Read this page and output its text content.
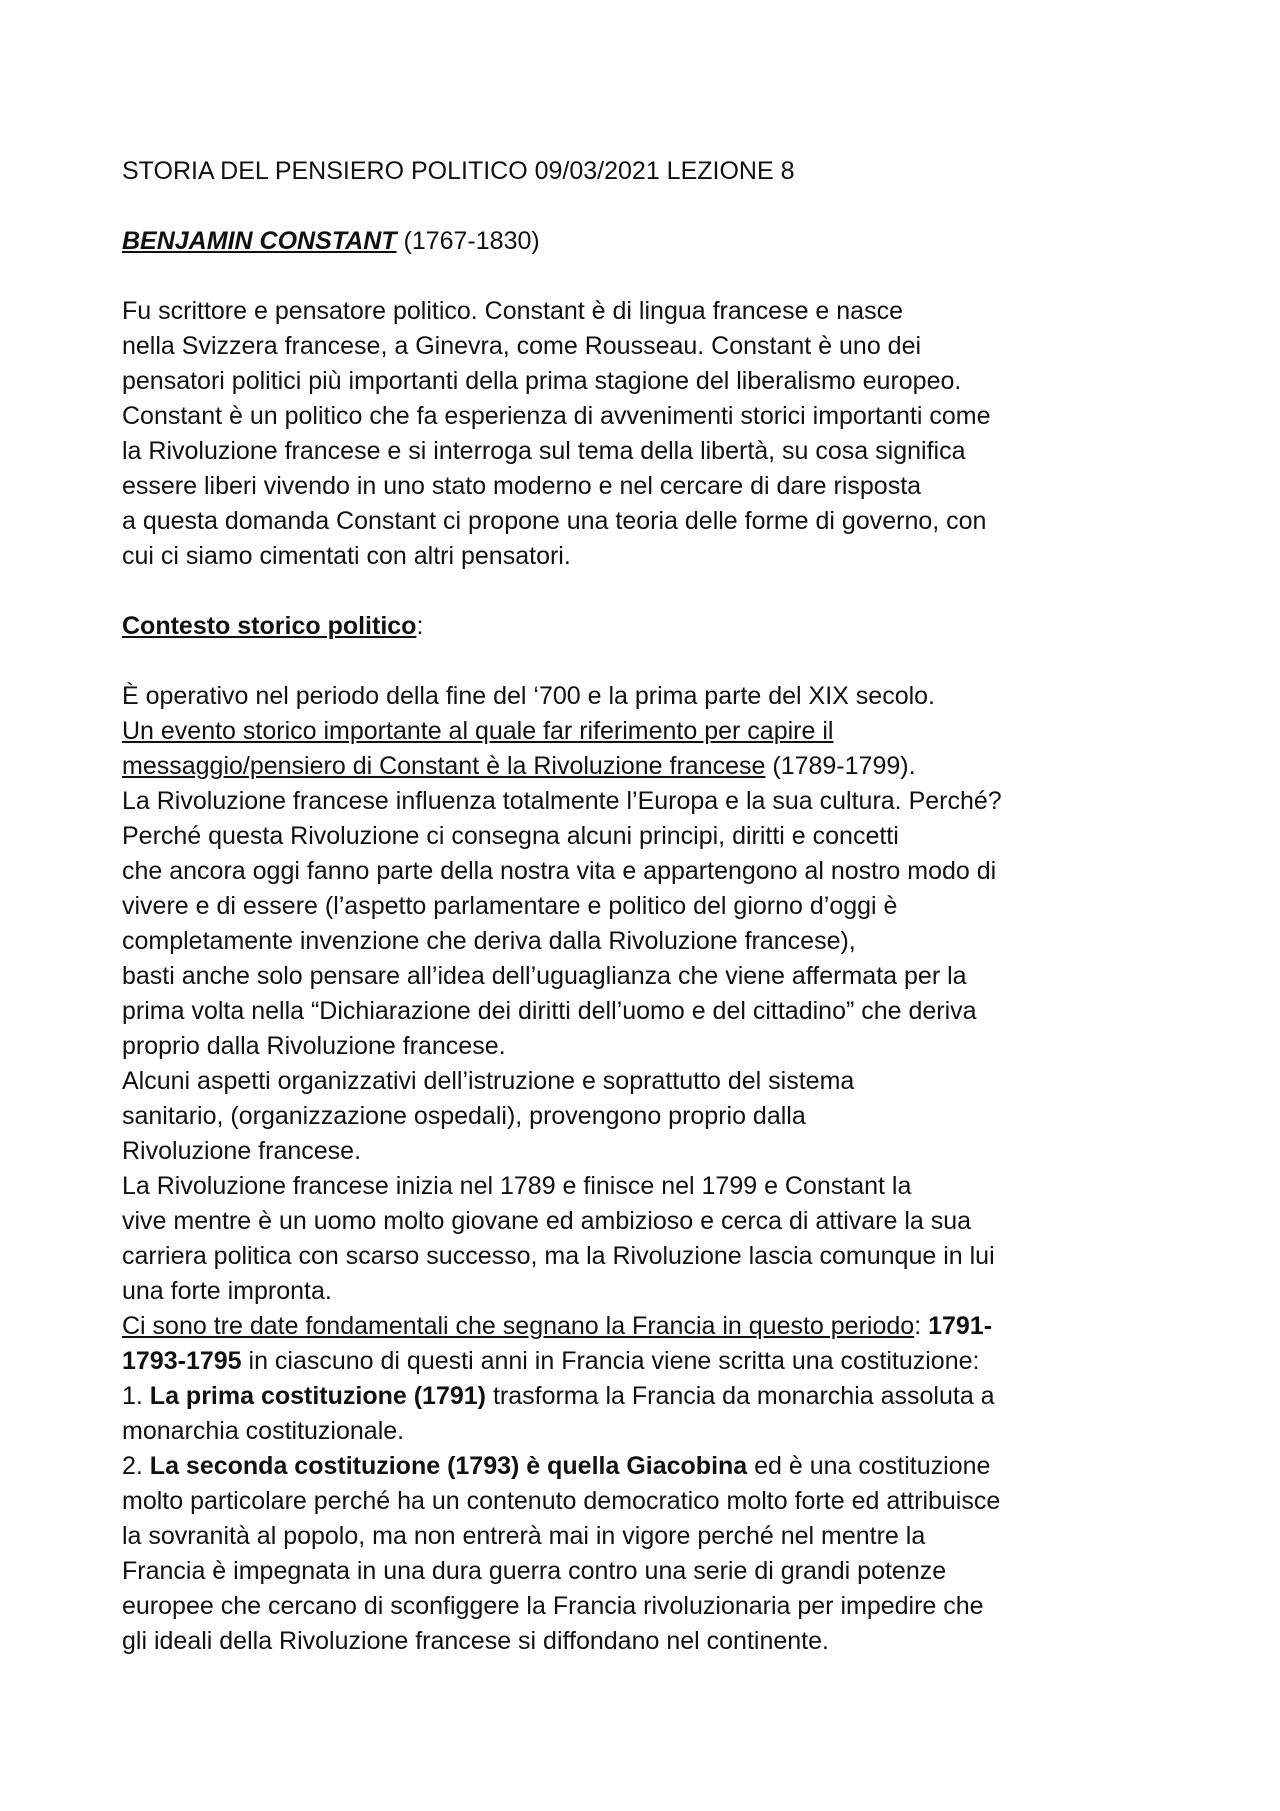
STORIA DEL PENSIERO POLITICO 09/03/2021 LEZIONE 8
BENJAMIN CONSTANT (1767-1830)
Fu scrittore e pensatore politico. Constant è di lingua francese e nasce
nella Svizzera francese, a Ginevra, come Rousseau. Constant è uno dei
pensatori politici più importanti della prima stagione del liberalismo europeo.
Constant è un politico che fa esperienza di avvenimenti storici importanti come
la Rivoluzione francese e si interroga sul tema della libertà, su cosa significa
essere liberi vivendo in uno stato moderno e nel cercare di dare risposta
a questa domanda Constant ci propone una teoria delle forme di governo, con
cui ci siamo cimentati con altri pensatori.
Contesto storico politico:
È operativo nel periodo della fine del ‘700 e la prima parte del XIX secolo.
Un evento storico importante al quale far riferimento per capire il
messaggio/pensiero di Constant è la Rivoluzione francese (1789-1799).
La Rivoluzione francese influenza totalmente l’Europa e la sua cultura. Perché?
Perché questa Rivoluzione ci consegna alcuni principi, diritti e concetti
che ancora oggi fanno parte della nostra vita e appartengono al nostro modo di
vivere e di essere (l’aspetto parlamentare e politico del giorno d’oggi è
completamente invenzione che deriva dalla Rivoluzione francese),
basti anche solo pensare all’idea dell’uguaglianza che viene affermata per la
prima volta nella “Dichiarazione dei diritti dell’uomo e del cittadino” che deriva
proprio dalla Rivoluzione francese.
Alcuni aspetti organizzativi dell’istruzione e soprattutto del sistema
sanitario, (organizzazione ospedali), provengono proprio dalla
Rivoluzione francese.
La Rivoluzione francese inizia nel 1789 e finisce nel 1799 e Constant la
vive mentre è un uomo molto giovane ed ambizioso e cerca di attivare la sua
carriera politica con scarso successo, ma la Rivoluzione lascia comunque in lui
una forte impronta.
Ci sono tre date fondamentali che segnano la Francia in questo periodo: 1791-
1793-1795 in ciascuno di questi anni in Francia viene scritta una costituzione:
1. La prima costituzione (1791) trasforma la Francia da monarchia assoluta a
monarchia costituzionale.
2. La seconda costituzione (1793) è quella Giacobina ed è una costituzione
molto particolare perché ha un contenuto democratico molto forte ed attribuisce
la sovranità al popolo, ma non entrerà mai in vigore perché nel mentre la
Francia è impegnata in una dura guerra contro una serie di grandi potenze
europee che cercano di sconfiggere la Francia rivoluzionaria per impedire che
gli ideali della Rivoluzione francese si diffondano nel continente.
